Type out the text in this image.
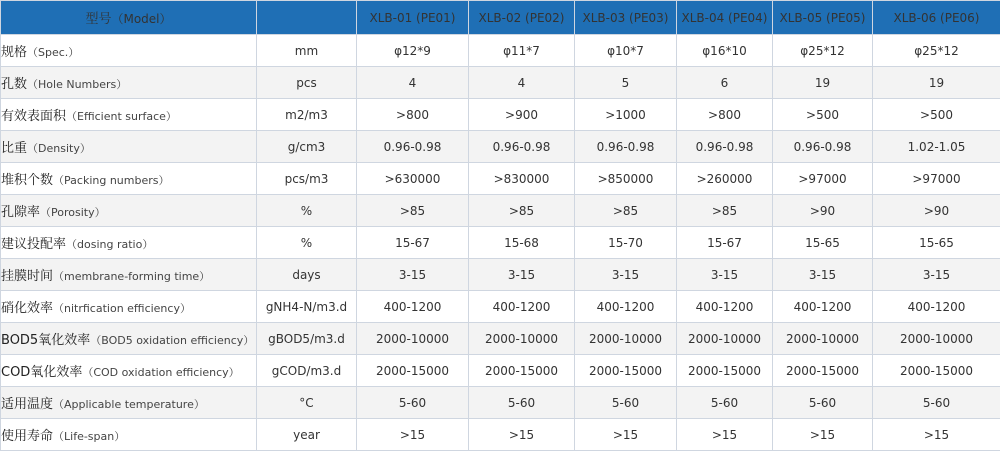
型号（Model）		XLB-01 (PE01)	XLB-02 (PE02)	XLB-03 (PE03)	XLB-04 (PE04)	XLB-05 (PE05)	XLB-06 (PE06)
规格（Spec.）	mm	φ12*9	φ11*7	φ10*7	φ16*10	φ25*12	φ25*12
孔数（Hole Numbers）	pcs	4	4	5	6	19	19
有效表面积（Efficient surface）	m2/m3	>800	>900	>1000	>800	>500	>500
比重（Density）	g/cm3	0.96-0.98	0.96-0.98	0.96-0.98	0.96-0.98	0.96-0.98	1.02-1.05
堆积个数（Packing numbers）	pcs/m3	>630000	>830000	>850000	>260000	>97000	>97000
孔隙率（Porosity）	%	>85	>85	>85	>85	>90	>90
建议投配率（dosing ratio）	%	15-67	15-68	15-70	15-67	15-65	15-65
挂膜时间（membrane-forming time）	days	3-15	3-15	3-15	3-15	3-15	3-15
硝化效率（nitrfication efficiency）	gNH4-N/m3.d	400-1200	400-1200	400-1200	400-1200	400-1200	400-1200
BOD5氧化效率（BOD5 oxidation efficiency）	gBOD5/m3.d	2000-10000	2000-10000	2000-10000	2000-10000	2000-10000	2000-10000
COD氧化效率（COD oxidation efficiency）	gCOD/m3.d	2000-15000	2000-15000	2000-15000	2000-15000	2000-15000	2000-15000
适用温度（Applicable temperature）	°C	5-60	5-60	5-60	5-60	5-60	5-60
使用寿命（Life-span）	year	>15	>15	>15	>15	>15	>15
